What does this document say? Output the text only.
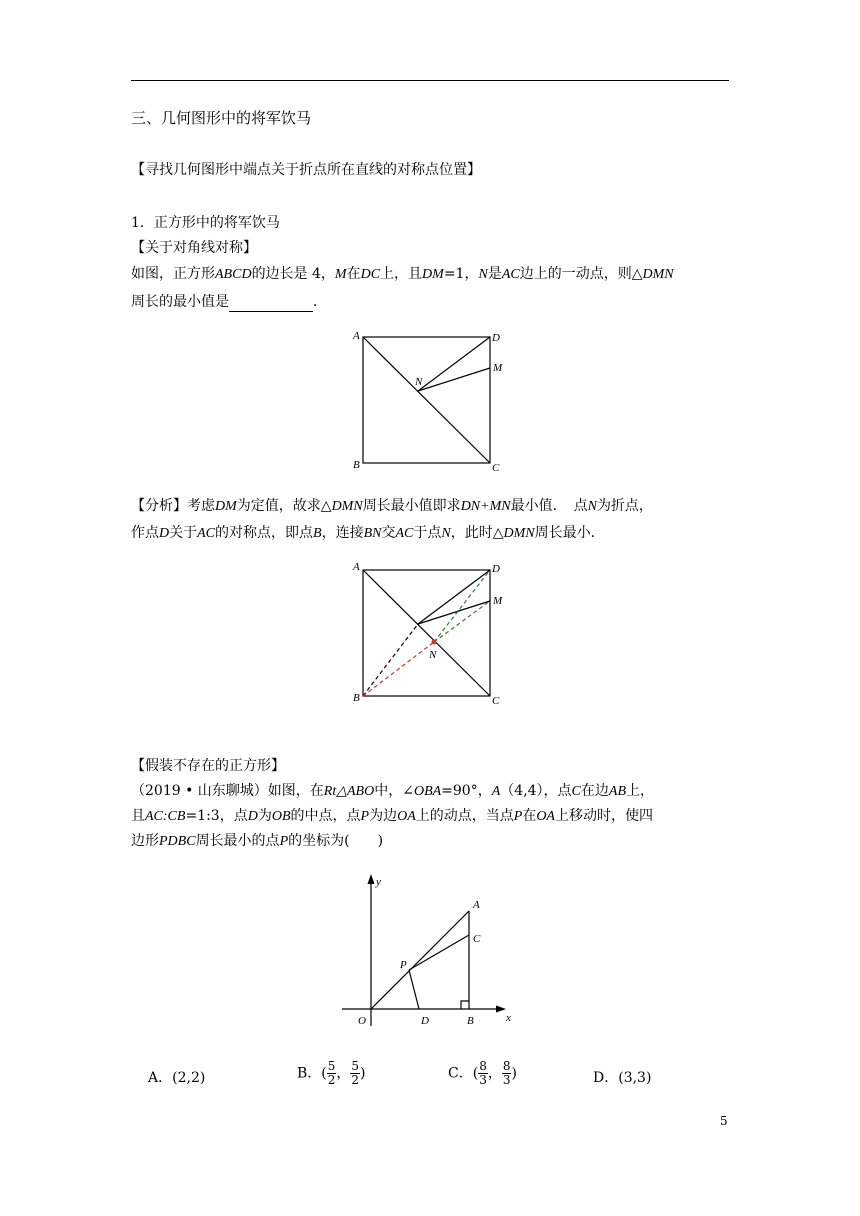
三、几何图形中的将军饮马
【寻找几何图形中端点关于折点所在直线的对称点位置】
1．正方形中的将军饮马
【关于对角线对称】
如图，正方形ABCD的边长是 4，M在DC上，且DM=1，N是AC边上的一动点，则△DMN
周长的最小值是	．
A
B	C
D
M
N
【分析】考虑DM为定值，故求△DMN周长最小值即求DN+MN最小值．　点N为折点，
作点D关于AC的对称点，即点B，连接BN交AC于点N，此时△DMN周长最小．
A
B	C
D
M
N
【假装不存在的正方形】
（2019 • 山东聊城）如图，在Rt△ABO中，∠OBA=90°，A（4,4），点C在边AB上，
且AC:CB=1:3，点D为OB的中点，点P为边OA上的动点，当点P在OA上移动时，使四
边形PDBC周长最小的点P的坐标为(　　)
y
x
O	D	B
A
C
P
A．(2,2)	B．( $\frac{5}{2}$ ， $\frac{5}{2}$ )	C．( $\frac{8}{3}$ ， $\frac{8}{3}$ )	D．(3,3)
5
